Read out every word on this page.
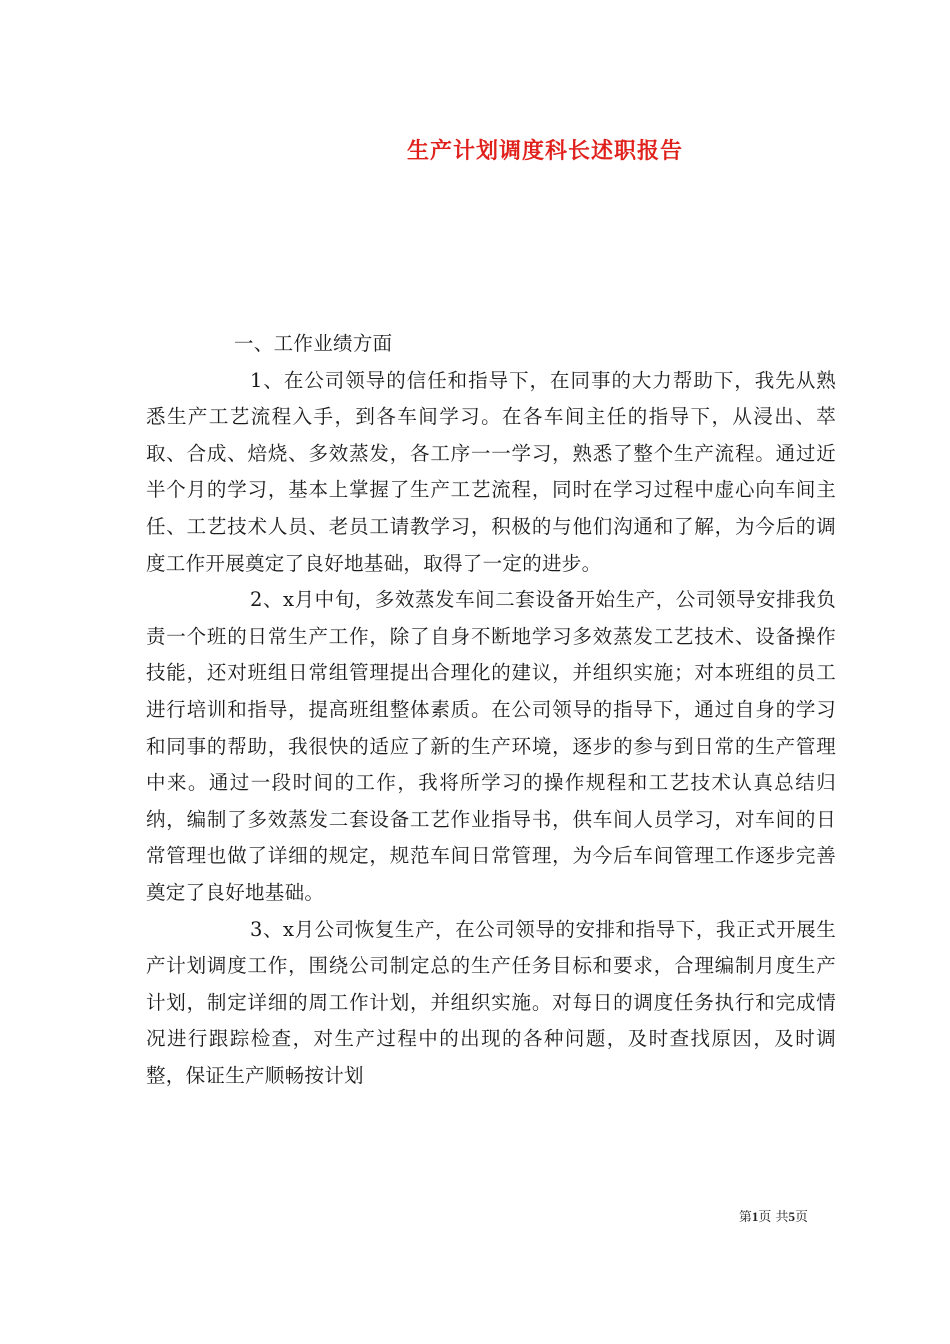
生产计划调度科长述职报告

一、工作业绩方面

1、在公司领导的信任和指导下，在同事的大力帮助下，我先从熟悉生产工艺流程入手，到各车间学习。在各车间主任的指导下，从浸出、萃取、合成、焙烧、多效蒸发，各工序一一学习，熟悉了整个生产流程。通过近半个月的学习，基本上掌握了生产工艺流程，同时在学习过程中虚心向车间主任、工艺技术人员、老员工请教学习，积极的与他们沟通和了解，为今后的调度工作开展奠定了良好地基础，取得了一定的进步。

2、x月中旬，多效蒸发车间二套设备开始生产，公司领导安排我负责一个班的日常生产工作，除了自身不断地学习多效蒸发工艺技术、设备操作技能，还对班组日常组管理提出合理化的建议，并组织实施；对本班组的员工进行培训和指导，提高班组整体素质。在公司领导的指导下，通过自身的学习和同事的帮助，我很快的适应了新的生产环境，逐步的参与到日常的生产管理中来。通过一段时间的工作，我将所学习的操作规程和工艺技术认真总结归纳，编制了多效蒸发二套设备工艺作业指导书，供车间人员学习，对车间的日常管理也做了详细的规定，规范车间日常管理，为今后车间管理工作逐步完善奠定了良好地基础。

3、x月公司恢复生产，在公司领导的安排和指导下，我正式开展生产计划调度工作，围绕公司制定总的生产任务目标和要求，合理编制月度生产计划，制定详细的周工作计划，并组织实施。对每日的调度任务执行和完成情况进行跟踪检查，对生产过程中的出现的各种问题，及时查找原因，及时调整，保证生产顺畅按计划

第1页 共5页
